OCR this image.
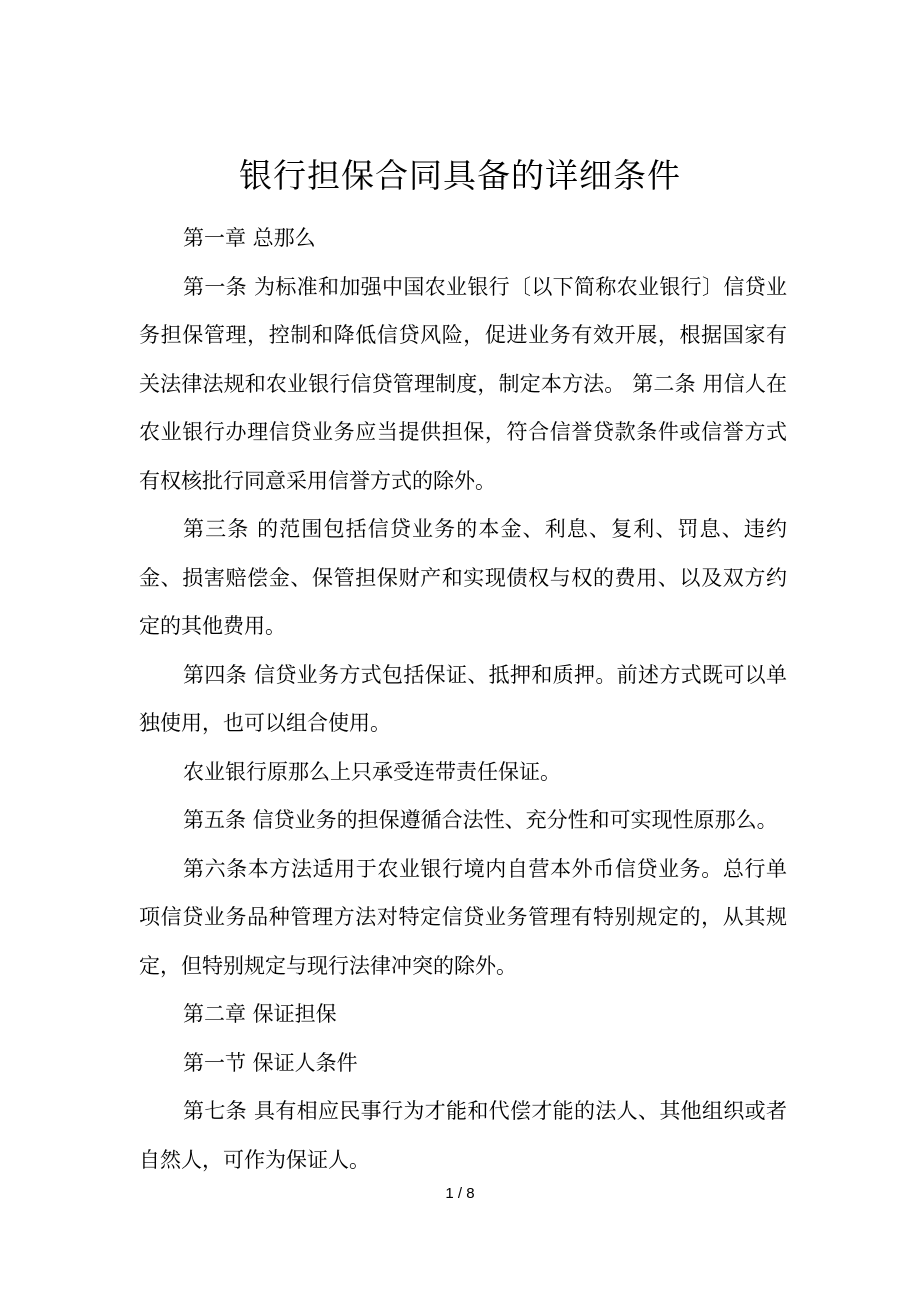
银行担保合同具备的详细条件

第一章 总那么

第一条 为标准和加强中国农业银行〔以下简称农业银行〕信贷业务担保管理，控制和降低信贷风险，促进业务有效开展，根据国家有关法律法规和农业银行信贷管理制度，制定本方法。 第二条 用信人在农业银行办理信贷业务应当提供担保，符合信誉贷款条件或信誉方式有权核批行同意采用信誉方式的除外。

第三条 的范围包括信贷业务的本金、利息、复利、罚息、违约金、损害赔偿金、保管担保财产和实现债权与权的费用、以及双方约定的其他费用。

第四条 信贷业务方式包括保证、抵押和质押。前述方式既可以单独使用，也可以组合使用。

农业银行原那么上只承受连带责任保证。

第五条 信贷业务的担保遵循合法性、充分性和可实现性原那么。

第六条本方法适用于农业银行境内自营本外币信贷业务。总行单项信贷业务品种管理方法对特定信贷业务管理有特别规定的，从其规定，但特别规定与现行法律冲突的除外。

第二章 保证担保

第一节 保证人条件

第七条 具有相应民事行为才能和代偿才能的法人、其他组织或者自然人，可作为保证人。

1 / 8
